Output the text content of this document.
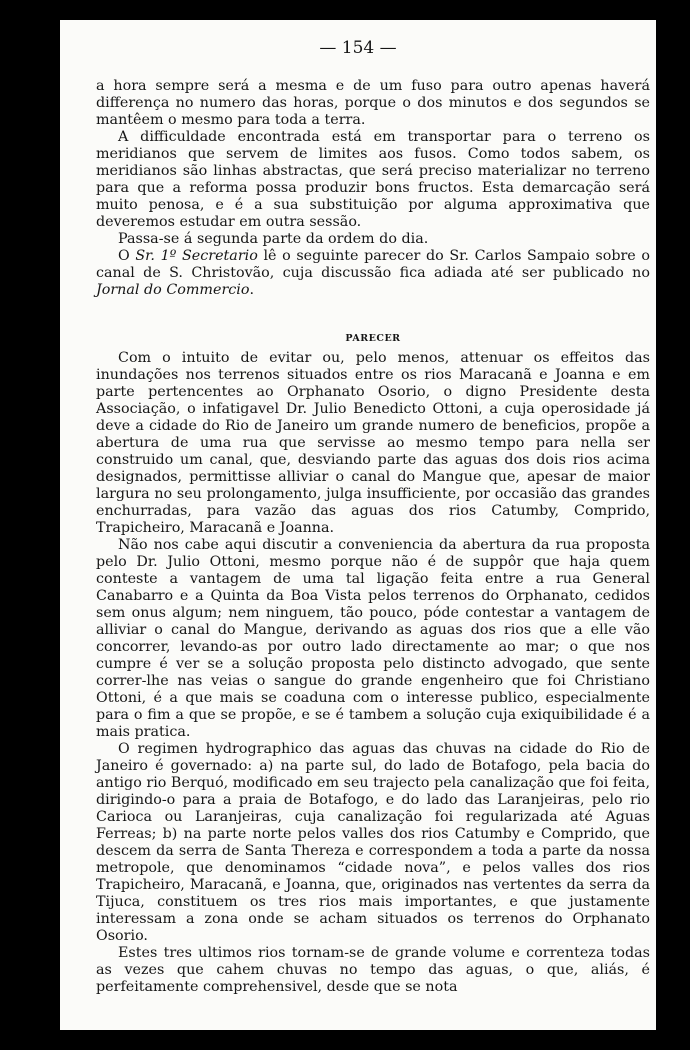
— 154 —

a hora sempre será a mesma e de um fuso para outro apenas haverá differença no numero das horas, porque o dos minutos e dos segundos se mantêem o mesmo para toda a terra.

A difficuldade encontrada está em transportar para o terreno os meridianos que servem de limites aos fusos. Como todos sabem, os meridianos são linhas abstractas, que será preciso materializar no terreno para que a reforma possa produzir bons fructos. Esta demarcação será muito penosa, e é a sua substituição por alguma approximativa que deveremos estudar em outra sessão.

Passa-se á segunda parte da ordem do dia.

O Sr. 1º Secretario lê o seguinte parecer do Sr. Carlos Sampaio sobre o canal de S. Christovão, cuja discussão fica adiada até ser publicado no Jornal do Commercio.

PARECER

Com o intuito de evitar ou, pelo menos, attenuar os effeitos das inundações nos terrenos situados entre os rios Maracanã e Joanna e em parte pertencentes ao Orphanato Osorio, o digno Presidente desta Associação, o infatigavel Dr. Julio Benedicto Ottoni, a cuja operosidade já deve a cidade do Rio de Janeiro um grande numero de beneficios, propõe a abertura de uma rua que servisse ao mesmo tempo para nella ser construido um canal, que, desviando parte das aguas dos dois rios acima designados, permittisse alliviar o canal do Mangue que, apesar de maior largura no seu prolongamento, julga insufficiente, por occasião das grandes enchurradas, para vazão das aguas dos rios Catumby, Comprido, Trapicheiro, Maracanã e Joanna.

Não nos cabe aqui discutir a conveniencia da abertura da rua proposta pelo Dr. Julio Ottoni, mesmo porque não é de suppôr que haja quem conteste a vantagem de uma tal ligação feita entre a rua General Canabarro e a Quinta da Boa Vista pelos terrenos do Orphanato, cedidos sem onus algum; nem ninguem, tão pouco, póde contestar a vantagem de alliviar o canal do Mangue, derivando as aguas dos rios que a elle vão concorrer, levando-as por outro lado directamente ao mar; o que nos cumpre é ver se a solução proposta pelo distincto advogado, que sente correr-lhe nas veias o sangue do grande engenheiro que foi Christiano Ottoni, é a que mais se coaduna com o interesse publico, especialmente para o fim a que se propõe, e se é tambem a solução cuja exiquibilidade é a mais pratica.

O regimen hydrographico das aguas das chuvas na cidade do Rio de Janeiro é governado: a) na parte sul, do lado de Botafogo, pela bacia do antigo rio Berquó, modificado em seu trajecto pela canalização que foi feita, dirigindo-o para a praia de Botafogo, e do lado das Laranjeiras, pelo rio Carioca ou Laranjeiras, cuja canalização foi regularizada até Aguas Ferreas; b) na parte norte pelos valles dos rios Catumby e Comprido, que descem da serra de Santa Thereza e correspondem a toda a parte da nossa metropole, que denominamos “cidade nova”, e pelos valles dos rios Trapicheiro, Maracanã, e Joanna, que, originados nas vertentes da serra da Tijuca, constituem os tres rios mais importantes, e que justamente interessam a zona onde se acham situados os terrenos do Orphanato Osorio.

Estes tres ultimos rios tornam-se de grande volume e correnteza todas as vezes que cahem chuvas no tempo das aguas, o que, aliás, é perfeitamente comprehensivel, desde que se nota
